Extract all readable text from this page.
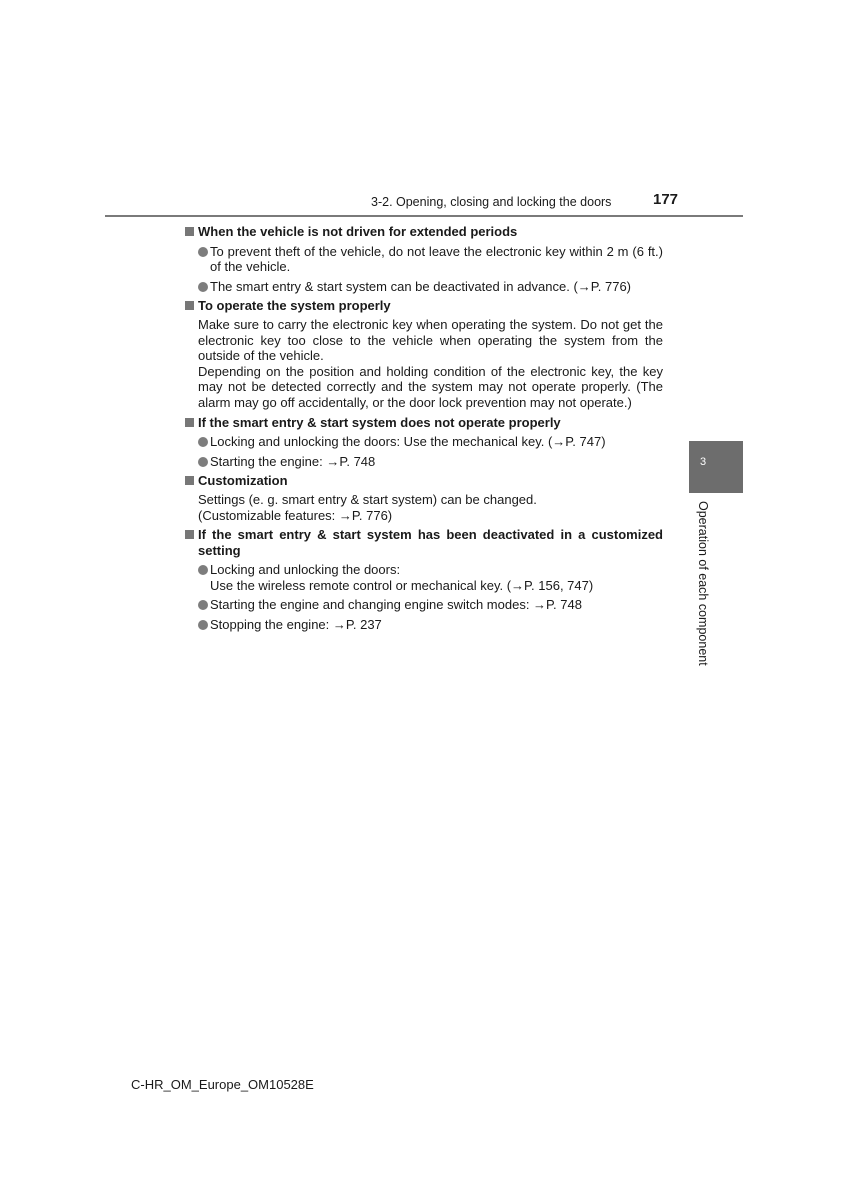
3-2. Opening, closing and locking the doors	177
3
Operation of each component
When the vehicle is not driven for extended periods
To prevent theft of the vehicle, do not leave the electronic key within 2 m (6 ft.) of the vehicle.
The smart entry & start system can be deactivated in advance. (→P. 776)
To operate the system properly
Make sure to carry the electronic key when operating the system. Do not get the electronic key too close to the vehicle when operating the system from the outside of the vehicle.
Depending on the position and holding condition of the electronic key, the key may not be detected correctly and the system may not operate properly. (The alarm may go off accidentally, or the door lock prevention may not operate.)
If the smart entry & start system does not operate properly
Locking and unlocking the doors: Use the mechanical key. (→P. 747)
Starting the engine: →P. 748
Customization
Settings (e. g. smart entry & start system) can be changed.
(Customizable features: →P. 776)
If the smart entry & start system has been deactivated in a customized setting
Locking and unlocking the doors:
Use the wireless remote control or mechanical key. (→P. 156, 747)
Starting the engine and changing engine switch modes: →P. 748
Stopping the engine: →P. 237
C-HR_OM_Europe_OM10528E
